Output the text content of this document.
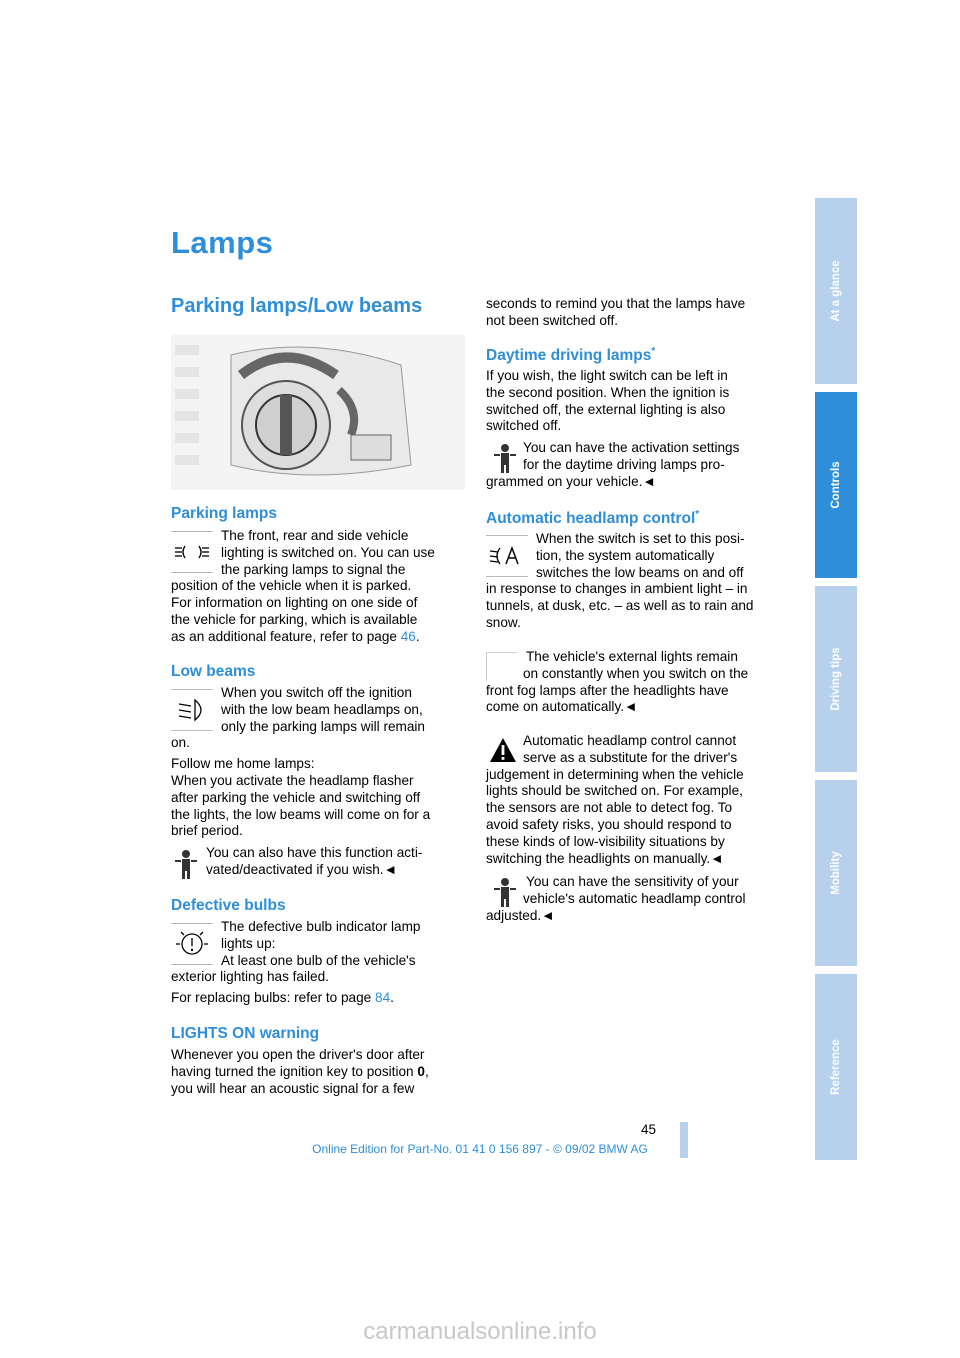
Lamps
Parking lamps/Low beams
Parking lamps
The front, rear and side vehicle
lighting is switched on. You can use
the parking lamps to signal the
position of the vehicle when it is parked.
For information on lighting on one side of
the vehicle for parking, which is available
as an additional feature, refer to page 46.
Low beams
When you switch off the ignition
with the low beam headlamps on,
only the parking lamps will remain
on.
Follow me home lamps:
When you activate the headlamp flasher
after parking the vehicle and switching off
the lights, the low beams will come on for a
brief period.
You can also have this function acti-
vated/deactivated if you wish.◄
Defective bulbs
The defective bulb indicator lamp
lights up:
At least one bulb of the vehicle's
exterior lighting has failed.
For replacing bulbs: refer to page 84.
LIGHTS ON warning
Whenever you open the driver's door after
having turned the ignition key to position 0,
you will hear an acoustic signal for a few
seconds to remind you that the lamps have
not been switched off.
Daytime driving lamps*
If you wish, the light switch can be left in
the second position. When the ignition is
switched off, the external lighting is also
switched off.
You can have the activation settings
for the daytime driving lamps pro-
grammed on your vehicle.◄
Automatic headlamp control*
When the switch is set to this posi-
tion, the system automatically
switches the low beams on and off
in response to changes in ambient light – in
tunnels, at dusk, etc. – as well as to rain and
snow.
The vehicle's external lights remain
on constantly when you switch on the
front fog lamps after the headlights have
come on automatically.◄
Automatic headlamp control cannot
serve as a substitute for the driver's
judgement in determining when the vehicle
lights should be switched on. For example,
the sensors are not able to detect fog. To
avoid safety risks, you should respond to
these kinds of low-visibility situations by
switching the headlights on manually.◄
You can have the sensitivity of your
vehicle's automatic headlamp control
adjusted.◄
At a glance
Controls
Driving tips
Mobility
Reference
45
Online Edition for Part-No. 01 41 0 156 897 - © 09/02 BMW AG
carmanualsonline.info
